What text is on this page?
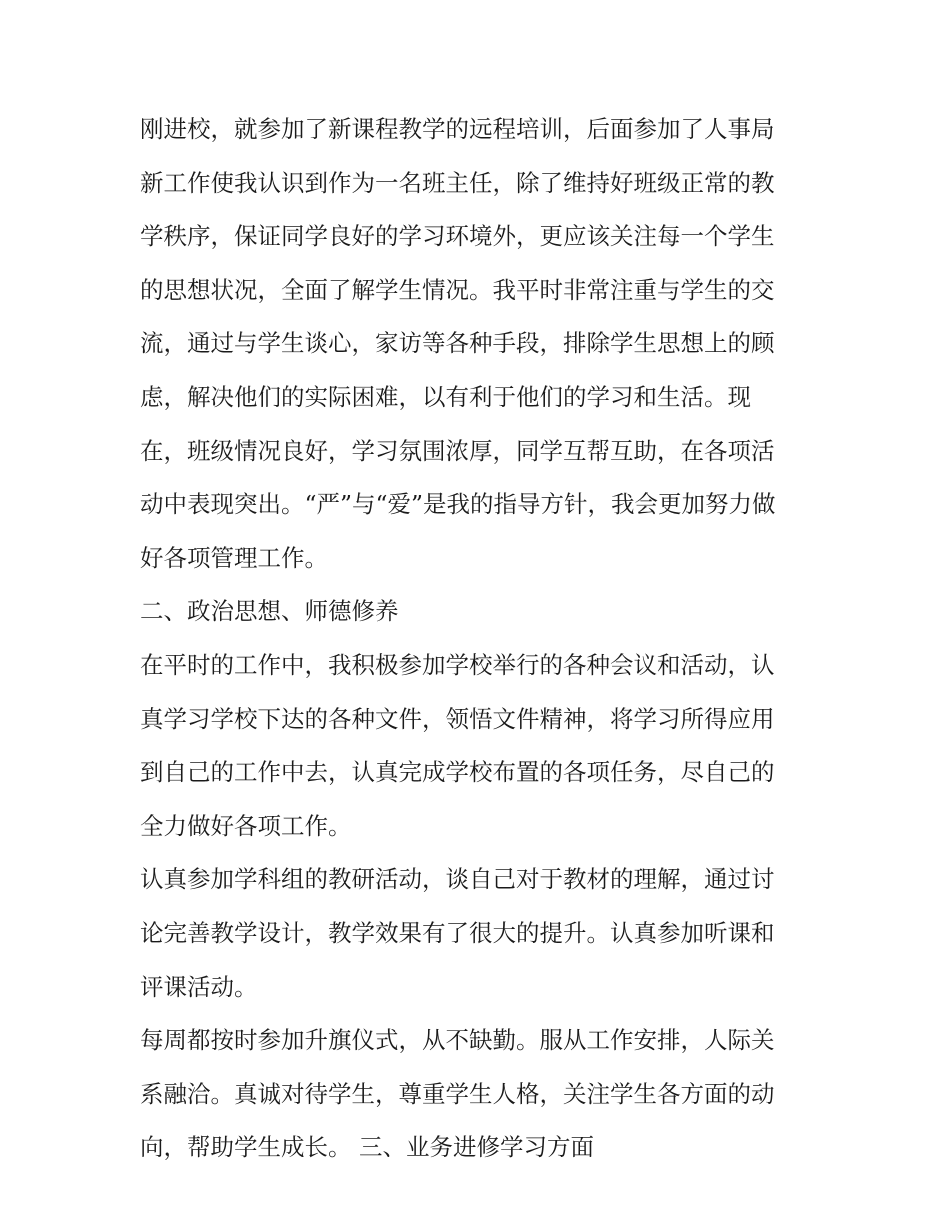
刚进校，就参加了新课程教学的远程培训，后面参加了人事局
新工作使我认识到作为一名班主任，除了维持好班级正常的教
学秩序，保证同学良好的学习环境外，更应该关注每一个学生
的思想状况，全面了解学生情况。我平时非常注重与学生的交
流，通过与学生谈心，家访等各种手段，排除学生思想上的顾
虑，解决他们的实际困难，以有利于他们的学习和生活。现
在，班级情况良好，学习氛围浓厚，同学互帮互助，在各项活
动中表现突出。“严”与“爱”是我的指导方针，我会更加努力做
好各项管理工作。
二、政治思想、师德修养
在平时的工作中，我积极参加学校举行的各种会议和活动，认
真学习学校下达的各种文件，领悟文件精神，将学习所得应用
到自己的工作中去，认真完成学校布置的各项任务，尽自己的
全力做好各项工作。
认真参加学科组的教研活动，谈自己对于教材的理解，通过讨
论完善教学设计，教学效果有了很大的提升。认真参加听课和
评课活动。
每周都按时参加升旗仪式，从不缺勤。服从工作安排，人际关
系融洽。真诚对待学生，尊重学生人格，关注学生各方面的动
向，帮助学生成长。 三、业务进修学习方面
